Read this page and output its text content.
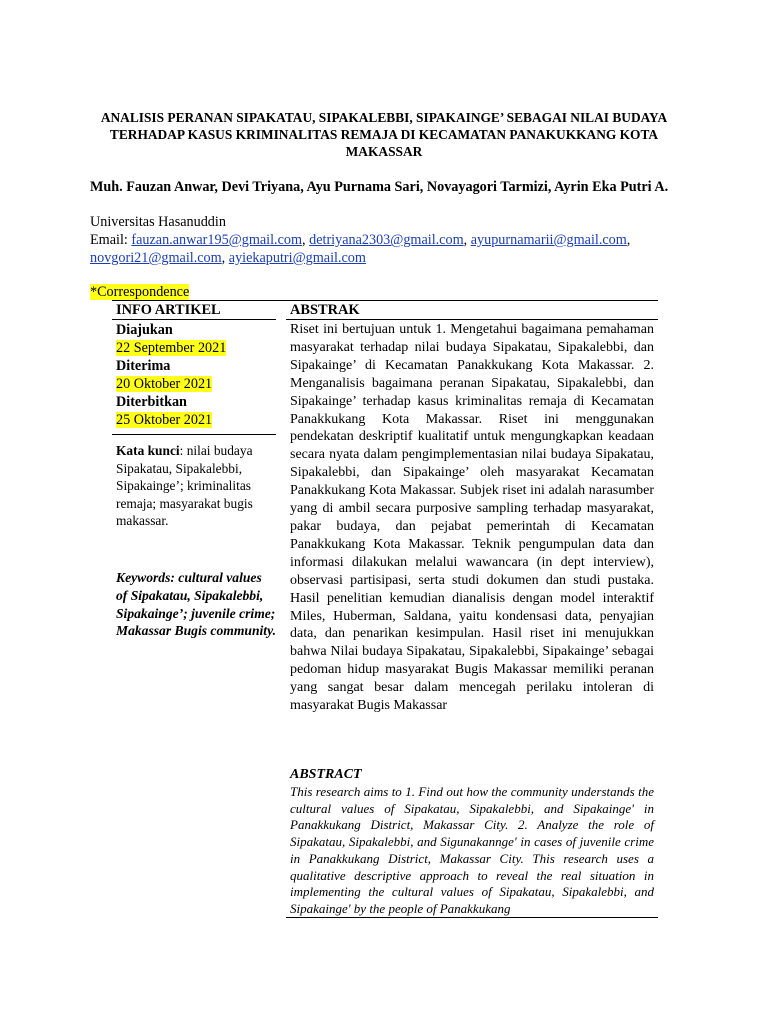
ANALISIS PERANAN SIPAKATAU, SIPAKALEBBI, SIPAKAINGE’ SEBAGAI NILAI BUDAYA TERHADAP KASUS KRIMINALITAS REMAJA DI KECAMATAN PANAKUKKANG KOTA MAKASSAR
Muh. Fauzan Anwar, Devi Triyana, Ayu Purnama Sari, Novayagori Tarmizi, Ayrin Eka Putri A.
Universitas Hasanuddin
Email: fauzan.anwar195@gmail.com, detriyana2303@gmail.com, ayupurnamarii@gmail.com, novgori21@gmail.com, ayiekaputri@gmail.com
*Correspondence
INFO ARTIKEL	ABSTRAK
Diajukan
22 September 2021
Diterima
20 Oktober 2021
Diterbitkan
25 Oktober 2021
Kata kunci: nilai budaya Sipakatau, Sipakalebbi, Sipakainge’; kriminalitas remaja; masyarakat bugis makassar.
Keywords: cultural values of Sipakatau, Sipakalebbi, Sipakainge’; juvenile crime; Makassar Bugis community.
Riset ini bertujuan untuk 1. Mengetahui bagaimana pemahaman masyarakat terhadap nilai budaya Sipakatau, Sipakalebbi, dan Sipakainge’ di Kecamatan Panakkukang Kota Makassar. 2. Menganalisis bagaimana peranan Sipakatau, Sipakalebbi, dan Sipakainge’ terhadap kasus kriminalitas remaja di Kecamatan Panakkukang Kota Makassar. Riset ini menggunakan pendekatan deskriptif kualitatif untuk mengungkapkan keadaan secara nyata dalam pengimplementasian nilai budaya Sipakatau, Sipakalebbi, dan Sipakainge’ oleh masyarakat Kecamatan Panakkukang Kota Makassar. Subjek riset ini adalah narasumber yang di ambil secara purposive sampling terhadap masyarakat, pakar budaya, dan pejabat pemerintah di Kecamatan Panakkukang Kota Makassar. Teknik pengumpulan data dan informasi dilakukan melalui wawancara (in dept interview), observasi partisipasi, serta studi dokumen dan studi pustaka. Hasil penelitian kemudian dianalisis dengan model interaktif Miles, Huberman, Saldana, yaitu kondensasi data, penyajian data, dan penarikan kesimpulan. Hasil riset ini menujukkan bahwa Nilai budaya Sipakatau, Sipakalebbi, Sipakainge’ sebagai pedoman hidup masyarakat Bugis Makassar memiliki peranan yang sangat besar dalam mencegah perilaku intoleran di masyarakat Bugis Makassar
ABSTRACT
This research aims to 1. Find out how the community understands the cultural values of Sipakatau, Sipakalebbi, and Sipakainge' in Panakkukang District, Makassar City. 2. Analyze the role of Sipakatau, Sipakalebbi, and Sigunakannge' in cases of juvenile crime in Panakkukang District, Makassar City. This research uses a qualitative descriptive approach to reveal the real situation in implementing the cultural values of Sipakatau, Sipakalebbi, and Sipakainge' by the people of Panakkukang
